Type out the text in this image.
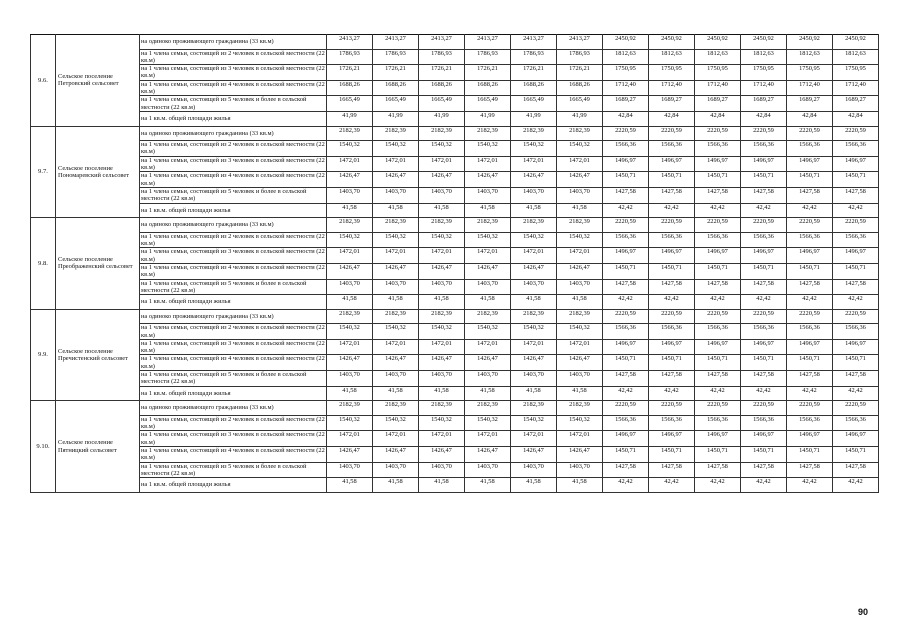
9.6.	Сельское поселение Петровский сельсовет	на одиноко проживающего гражданина (33 кв.м)	2413,27	2413,27	2413,27	2413,27	2413,27	2413,27	2450,92	2450,92	2450,92	2450,92	2450,92	2450,92
		на 1 члена семьи, состоящей из 2 человек в сельской местности (22 кв.м)	1786,93	1786,93	1786,93	1786,93	1786,93	1786,93	1812,63	1812,63	1812,63	1812,63	1812,63	1812,63
		на 1 члена семьи, состоящей из 3 человек в сельской местности (22 кв.м)	1726,21	1726,21	1726,21	1726,21	1726,21	1726,21	1750,95	1750,95	1750,95	1750,95	1750,95	1750,95
		на 1 члена семьи, состоящей из 4 человек в сельской местности (22 кв.м)	1688,26	1688,26	1688,26	1688,26	1688,26	1688,26	1712,40	1712,40	1712,40	1712,40	1712,40	1712,40
		на 1 члена семьи, состоящей из 5 человек и более в сельской местности (22 кв.м)	1665,49	1665,49	1665,49	1665,49	1665,49	1665,49	1689,27	1689,27	1689,27	1689,27	1689,27	1689,27
		на 1 кв.м. общей площади жилья	41,99	41,99	41,99	41,99	41,99	41,99	42,84	42,84	42,84	42,84	42,84	42,84
9.7.	Сельское поселение Пономаревский сельсовет	на одиноко проживающего гражданина (33 кв.м)	2182,39	2182,39	2182,39	2182,39	2182,39	2182,39	2220,59	2220,59	2220,59	2220,59	2220,59	2220,59
		на 1 члена семьи, состоящей из 2 человек в сельской местности (22 кв.м)	1540,32	1540,32	1540,32	1540,32	1540,32	1540,32	1566,36	1566,36	1566,36	1566,36	1566,36	1566,36
		на 1 члена семьи, состоящей из 3 человек в сельской местности (22 кв.м)	1472,01	1472,01	1472,01	1472,01	1472,01	1472,01	1496,97	1496,97	1496,97	1496,97	1496,97	1496,97
		на 1 члена семьи, состоящей из 4 человек в сельской местности (22 кв.м)	1426,47	1426,47	1426,47	1426,47	1426,47	1426,47	1450,71	1450,71	1450,71	1450,71	1450,71	1450,71
		на 1 члена семьи, состоящей из 5 человек и более в сельской местности (22 кв.м)	1403,70	1403,70	1403,70	1403,70	1403,70	1403,70	1427,58	1427,58	1427,58	1427,58	1427,58	1427,58
		на 1 кв.м. общей площади жилья	41,58	41,58	41,58	41,58	41,58	41,58	42,42	42,42	42,42	42,42	42,42	42,42
9.8.	Сельское поселение Преображенский сельсовет	на одиноко проживающего гражданина (33 кв.м)	2182,39	2182,39	2182,39	2182,39	2182,39	2182,39	2220,59	2220,59	2220,59	2220,59	2220,59	2220,59
		на 1 члена семьи, состоящей из 2 человек в сельской местности (22 кв.м)	1540,32	1540,32	1540,32	1540,32	1540,32	1540,32	1566,36	1566,36	1566,36	1566,36	1566,36	1566,36
		на 1 члена семьи, состоящей из 3 человек в сельской местности (22 кв.м)	1472,01	1472,01	1472,01	1472,01	1472,01	1472,01	1496,97	1496,97	1496,97	1496,97	1496,97	1496,97
		на 1 члена семьи, состоящей из 4 человек в сельской местности (22 кв.м)	1426,47	1426,47	1426,47	1426,47	1426,47	1426,47	1450,71	1450,71	1450,71	1450,71	1450,71	1450,71
		на 1 члена семьи, состоящей из 5 человек и более в сельской местности (22 кв.м)	1403,70	1403,70	1403,70	1403,70	1403,70	1403,70	1427,58	1427,58	1427,58	1427,58	1427,58	1427,58
		на 1 кв.м. общей площади жилья	41,58	41,58	41,58	41,58	41,58	41,58	42,42	42,42	42,42	42,42	42,42	42,42
9.9.	Сельское поселение Пречистенский сельсовет	на одиноко проживающего гражданина (33 кв.м)	2182,39	2182,39	2182,39	2182,39	2182,39	2182,39	2220,59	2220,59	2220,59	2220,59	2220,59	2220,59
		на 1 члена семьи, состоящей из 2 человек в сельской местности (22 кв.м)	1540,32	1540,32	1540,32	1540,32	1540,32	1540,32	1566,36	1566,36	1566,36	1566,36	1566,36	1566,36
		на 1 члена семьи, состоящей из 3 человек в сельской местности (22 кв.м)	1472,01	1472,01	1472,01	1472,01	1472,01	1472,01	1496,97	1496,97	1496,97	1496,97	1496,97	1496,97
		на 1 члена семьи, состоящей из 4 человек в сельской местности (22 кв.м)	1426,47	1426,47	1426,47	1426,47	1426,47	1426,47	1450,71	1450,71	1450,71	1450,71	1450,71	1450,71
		на 1 члена семьи, состоящей из 5 человек и более в сельской местности (22 кв.м)	1403,70	1403,70	1403,70	1403,70	1403,70	1403,70	1427,58	1427,58	1427,58	1427,58	1427,58	1427,58
		на 1 кв.м. общей площади жилья	41,58	41,58	41,58	41,58	41,58	41,58	42,42	42,42	42,42	42,42	42,42	42,42
9.10.	Сельское поселение Пятницкий сельсовет	на одиноко проживающего гражданина (33 кв.м)	2182,39	2182,39	2182,39	2182,39	2182,39	2182,39	2220,59	2220,59	2220,59	2220,59	2220,59	2220,59
		на 1 члена семьи, состоящей из 2 человек в сельской местности (22 кв.м)	1540,32	1540,32	1540,32	1540,32	1540,32	1540,32	1566,36	1566,36	1566,36	1566,36	1566,36	1566,36
		на 1 члена семьи, состоящей из 3 человек в сельской местности (22 кв.м)	1472,01	1472,01	1472,01	1472,01	1472,01	1472,01	1496,97	1496,97	1496,97	1496,97	1496,97	1496,97
		на 1 члена семьи, состоящей из 4 человек в сельской местности (22 кв.м)	1426,47	1426,47	1426,47	1426,47	1426,47	1426,47	1450,71	1450,71	1450,71	1450,71	1450,71	1450,71
		на 1 члена семьи, состоящей из 5 человек и более в сельской местности (22 кв.м)	1403,70	1403,70	1403,70	1403,70	1403,70	1403,70	1427,58	1427,58	1427,58	1427,58	1427,58	1427,58
		на 1 кв.м. общей площади жилья	41,58	41,58	41,58	41,58	41,58	41,58	42,42	42,42	42,42	42,42	42,42	42,42
90
